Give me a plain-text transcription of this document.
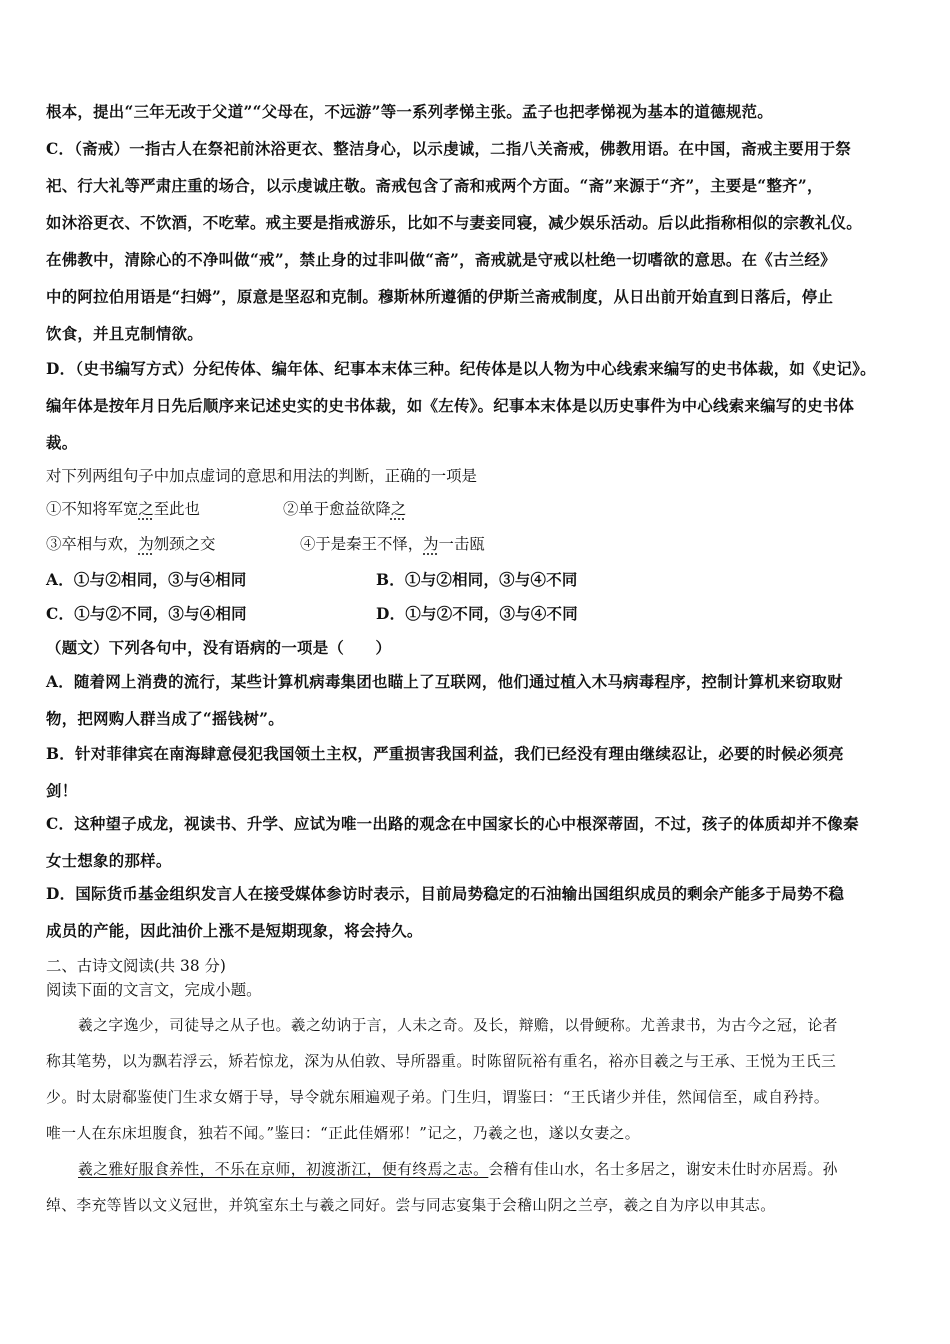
根本，提出“三年无改于父道”“父母在，不远游”等一系列孝悌主张。孟子也把孝悌视为基本的道德规范。
C．（斋戒）一指古人在祭祀前沐浴更衣、整洁身心，以示虔诚，二指八关斋戒，佛教用语。在中国，斋戒主要用于祭
祀、行大礼等严肃庄重的场合，以示虔诚庄敬。斋戒包含了斋和戒两个方面。“斋”来源于“齐”，主要是“整齐”，
如沐浴更衣、不饮酒，不吃荤。戒主要是指戒游乐，比如不与妻妾同寝，减少娱乐活动。后以此指称相似的宗教礼仪。
在佛教中，清除心的不净叫做“戒”，禁止身的过非叫做“斋”，斋戒就是守戒以杜绝一切嗜欲的意思。在《古兰经》
中的阿拉伯用语是“扫姆”，原意是坚忍和克制。穆斯林所遵循的伊斯兰斋戒制度，从日出前开始直到日落后，停止
饮食，并且克制情欲。
D．（史书编写方式）分纪传体、编年体、纪事本末体三种。纪传体是以人物为中心线索来编写的史书体裁，如《史记》。
编年体是按年月日先后顺序来记述史实的史书体裁，如《左传》。纪事本末体是以历史事件为中心线索来编写的史书体
裁。
对下列两组句子中加点虚词的意思和用法的判断，正确的一项是
①不知将军宽之至此也	②单于愈益欲降之
③卒相与欢，为刎颈之交	④于是秦王不怿，为一击瓯
A．①与②相同，③与④相同	B．①与②相同，③与④不同
C．①与②不同，③与④相同	D．①与②不同，③与④不同
（题文）下列各句中，没有语病的一项是（　　）
A．随着网上消费的流行，某些计算机病毒集团也瞄上了互联网，他们通过植入木马病毒程序，控制计算机来窃取财
物，把网购人群当成了“摇钱树”。
B．针对菲律宾在南海肆意侵犯我国领土主权，严重损害我国利益，我们已经没有理由继续忍让，必要的时候必须亮
剑！
C．这种望子成龙，视读书、升学、应试为唯一出路的观念在中国家长的心中根深蒂固，不过，孩子的体质却并不像秦
女士想象的那样。
D．国际货币基金组织发言人在接受媒体参访时表示，目前局势稳定的石油输出国组织成员的剩余产能多于局势不稳
成员的产能，因此油价上涨不是短期现象，将会持久。
二、古诗文阅读(共 38 分)
阅读下面的文言文，完成小题。
羲之字逸少，司徒导之从子也。羲之幼讷于言，人未之奇。及长，辩赡，以骨鲠称。尤善隶书，为古今之冠，论者
称其笔势，以为飘若浮云，矫若惊龙，深为从伯敦、导所器重。时陈留阮裕有重名，裕亦目羲之与王承、王悦为王氏三
少。时太尉郗鉴使门生求女婿于导，导令就东厢遍观子弟。门生归，谓鉴曰：“王氏诸少并佳，然闻信至，咸自矜持。
唯一人在东床坦腹食，独若不闻。”鉴曰：“正此佳婿邪！”记之，乃羲之也，遂以女妻之。
羲之雅好服食养性，不乐在京师，初渡浙江，便有终焉之志。会稽有佳山水，名士多居之，谢安未仕时亦居焉。孙
绰、李充等皆以文义冠世，并筑室东土与羲之同好。尝与同志宴集于会稽山阴之兰亭，羲之自为序以申其志。
